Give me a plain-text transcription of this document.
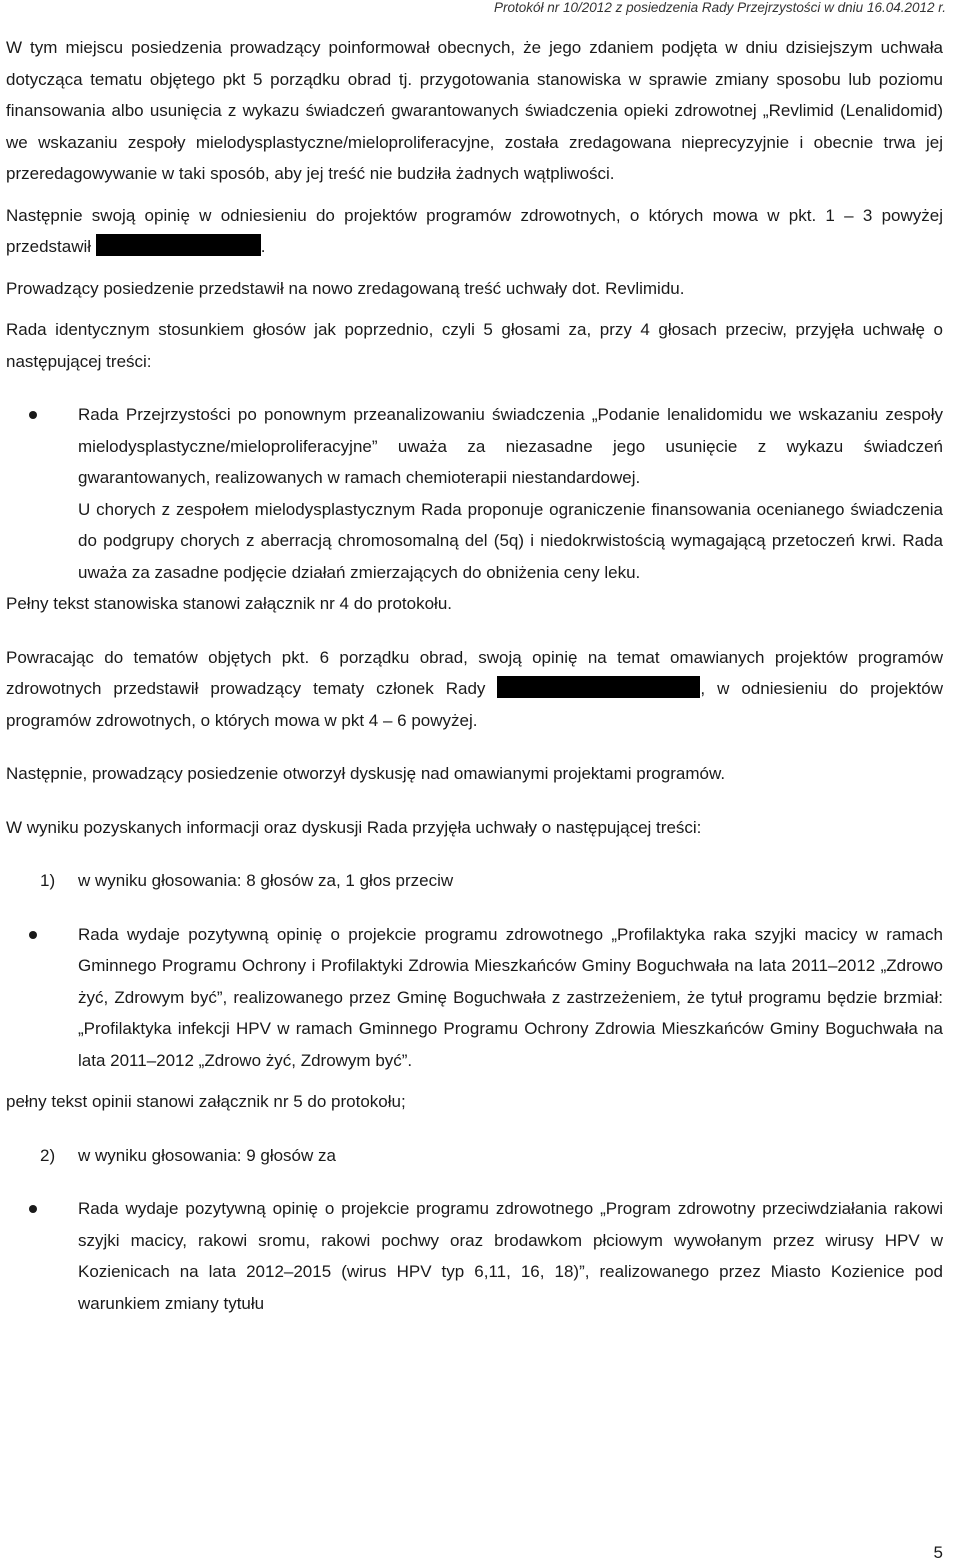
Protokół nr 10/2012 z posiedzenia Rady Przejrzystości w dniu 16.04.2012 r.

W tym miejscu posiedzenia prowadzący poinformował obecnych, że jego zdaniem podjęta w dniu dzisiejszym uchwała dotycząca tematu objętego pkt 5 porządku obrad tj. przygotowania stanowiska w sprawie zmiany sposobu lub poziomu finansowania albo usunięcia z wykazu świadczeń gwarantowanych świadczenia opieki zdrowotnej „Revlimid (Lenalidomid) we wskazaniu zespoły mielodysplastyczne/mieloproliferacyjne, została zredagowana nieprecyzyjnie i obecnie trwa jej przeredagowywanie w taki sposób, aby jej treść nie budziła żadnych wątpliwości.

Następnie swoją opinię w odniesieniu do projektów programów zdrowotnych, o których mowa w pkt. 1 – 3 powyżej przedstawił	.

Prowadzący posiedzenie przedstawił na nowo zredagowaną treść uchwały dot. Revlimidu.

Rada identycznym stosunkiem głosów jak poprzednio, czyli 5 głosami za, przy 4 głosach przeciw, przyjęła uchwałę o następującej treści:

Rada Przejrzystości po ponownym przeanalizowaniu świadczenia „Podanie lenalidomidu we wskazaniu zespoły mielodysplastyczne/mieloproliferacyjne” uważa za niezasadne jego usunięcie z wykazu świadczeń gwarantowanych, realizowanych w ramach chemioterapii niestandardowej.
U chorych z zespołem mielodysplastycznym Rada proponuje ograniczenie finansowania ocenianego świadczenia do podgrupy chorych z aberracją chromosomalną del (5q) i niedokrwistością wymagającą przetoczeń krwi. Rada uważa za zasadne podjęcie działań zmierzających do obniżenia ceny leku.

Pełny tekst stanowiska stanowi załącznik nr 4 do protokołu.

Powracając do tematów objętych pkt. 6 porządku obrad, swoją opinię na temat omawianych projektów programów zdrowotnych przedstawił prowadzący tematy członek Rady	, w odniesieniu do projektów programów zdrowotnych, o których mowa w pkt 4 – 6 powyżej.

Następnie, prowadzący posiedzenie otworzył dyskusję nad omawianymi projektami programów.

W wyniku pozyskanych informacji oraz dyskusji Rada przyjęła uchwały o następującej treści:

1) w wyniku głosowania: 8 głosów za, 1 głos przeciw
Rada wydaje pozytywną opinię o projekcie programu zdrowotnego „Profilaktyka raka szyjki macicy w ramach Gminnego Programu Ochrony i Profilaktyki Zdrowia Mieszkańców Gminy Boguchwała na lata 2011–2012 „Zdrowo żyć, Zdrowym być”, realizowanego przez Gminę Boguchwała z zastrzeżeniem, że tytuł programu będzie brzmiał: „Profilaktyka infekcji HPV w ramach Gminnego Programu Ochrony Zdrowia Mieszkańców Gminy Boguchwała na lata 2011–2012 „Zdrowo żyć, Zdrowym być”.

pełny tekst opinii stanowi załącznik nr 5 do protokołu;

2) w wyniku głosowania: 9 głosów za
Rada wydaje pozytywną opinię o projekcie programu zdrowotnego „Program zdrowotny przeciwdziałania rakowi szyjki macicy, rakowi sromu, rakowi pochwy oraz brodawkom płciowym wywołanym przez wirusy HPV w Kozienicach na lata 2012–2015 (wirus HPV typ 6,11, 16, 18)”, realizowanego przez Miasto Kozienice pod warunkiem zmiany tytułu
5
